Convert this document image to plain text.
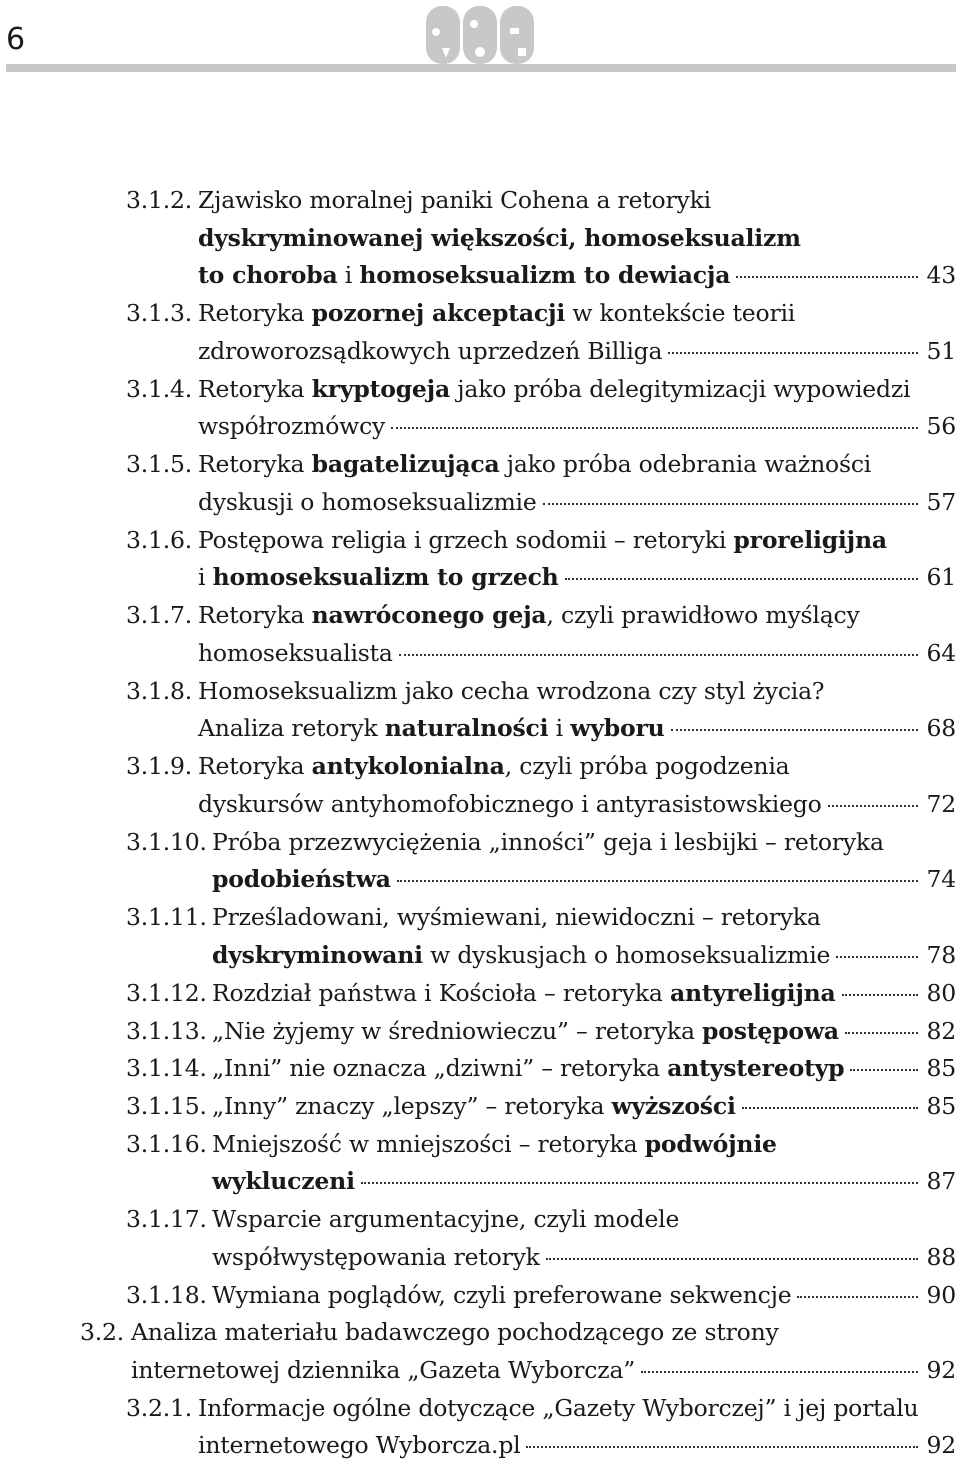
6
3.1.2. Zjawisko moralnej paniki Cohena a retoryki
dyskryminowanej większości, homoseksualizm
to choroba i homoseksualizm to dewiacja	43
3.1.3. Retoryka pozornej akceptacji w kontekście teorii
zdroworozsądkowych uprzedzeń Billiga	51
3.1.4. Retoryka kryptogeja jako próba delegitymizacji wypowiedzi
współrozmówcy	56
3.1.5. Retoryka bagatelizująca jako próba odebrania ważności
dyskusji o homoseksualizmie	57
3.1.6. Postępowa religia i grzech sodomii – retoryki proreligijna
i homoseksualizm to grzech	61
3.1.7. Retoryka nawróconego geja, czyli prawidłowo myślący
homoseksualista	64
3.1.8. Homoseksualizm jako cecha wrodzona czy styl życia?
Analiza retoryk naturalności i wyboru	68
3.1.9. Retoryka antykolonialna, czyli próba pogodzenia
dyskursów antyhomofobicznego i antyrasistowskiego	72
3.1.10. Próba przezwyciężenia „inności” geja i lesbijki – retoryka
podobieństwa	74
3.1.11. Prześladowani, wyśmiewani, niewidoczni – retoryka
dyskryminowani w dyskusjach o homoseksualizmie	78
3.1.12. Rozdział państwa i Kościoła – retoryka antyreligijna	80
3.1.13. „Nie żyjemy w średniowieczu” – retoryka postępowa	82
3.1.14. „Inni” nie oznacza „dziwni” – retoryka antystereotyp	85
3.1.15. „Inny” znaczy „lepszy” – retoryka wyższości	85
3.1.16. Mniejszość w mniejszości – retoryka podwójnie
wykluczeni	87
3.1.17. Wsparcie argumentacyjne, czyli modele
współwystępowania retoryk	88
3.1.18. Wymiana poglądów, czyli preferowane sekwencje	90
3.2. Analiza materiału badawczego pochodzącego ze strony
internetowej dziennika „Gazeta Wyborcza”	92
3.2.1. Informacje ogólne dotyczące „Gazety Wyborczej” i jej portalu
internetowego Wyborcza.pl	92
